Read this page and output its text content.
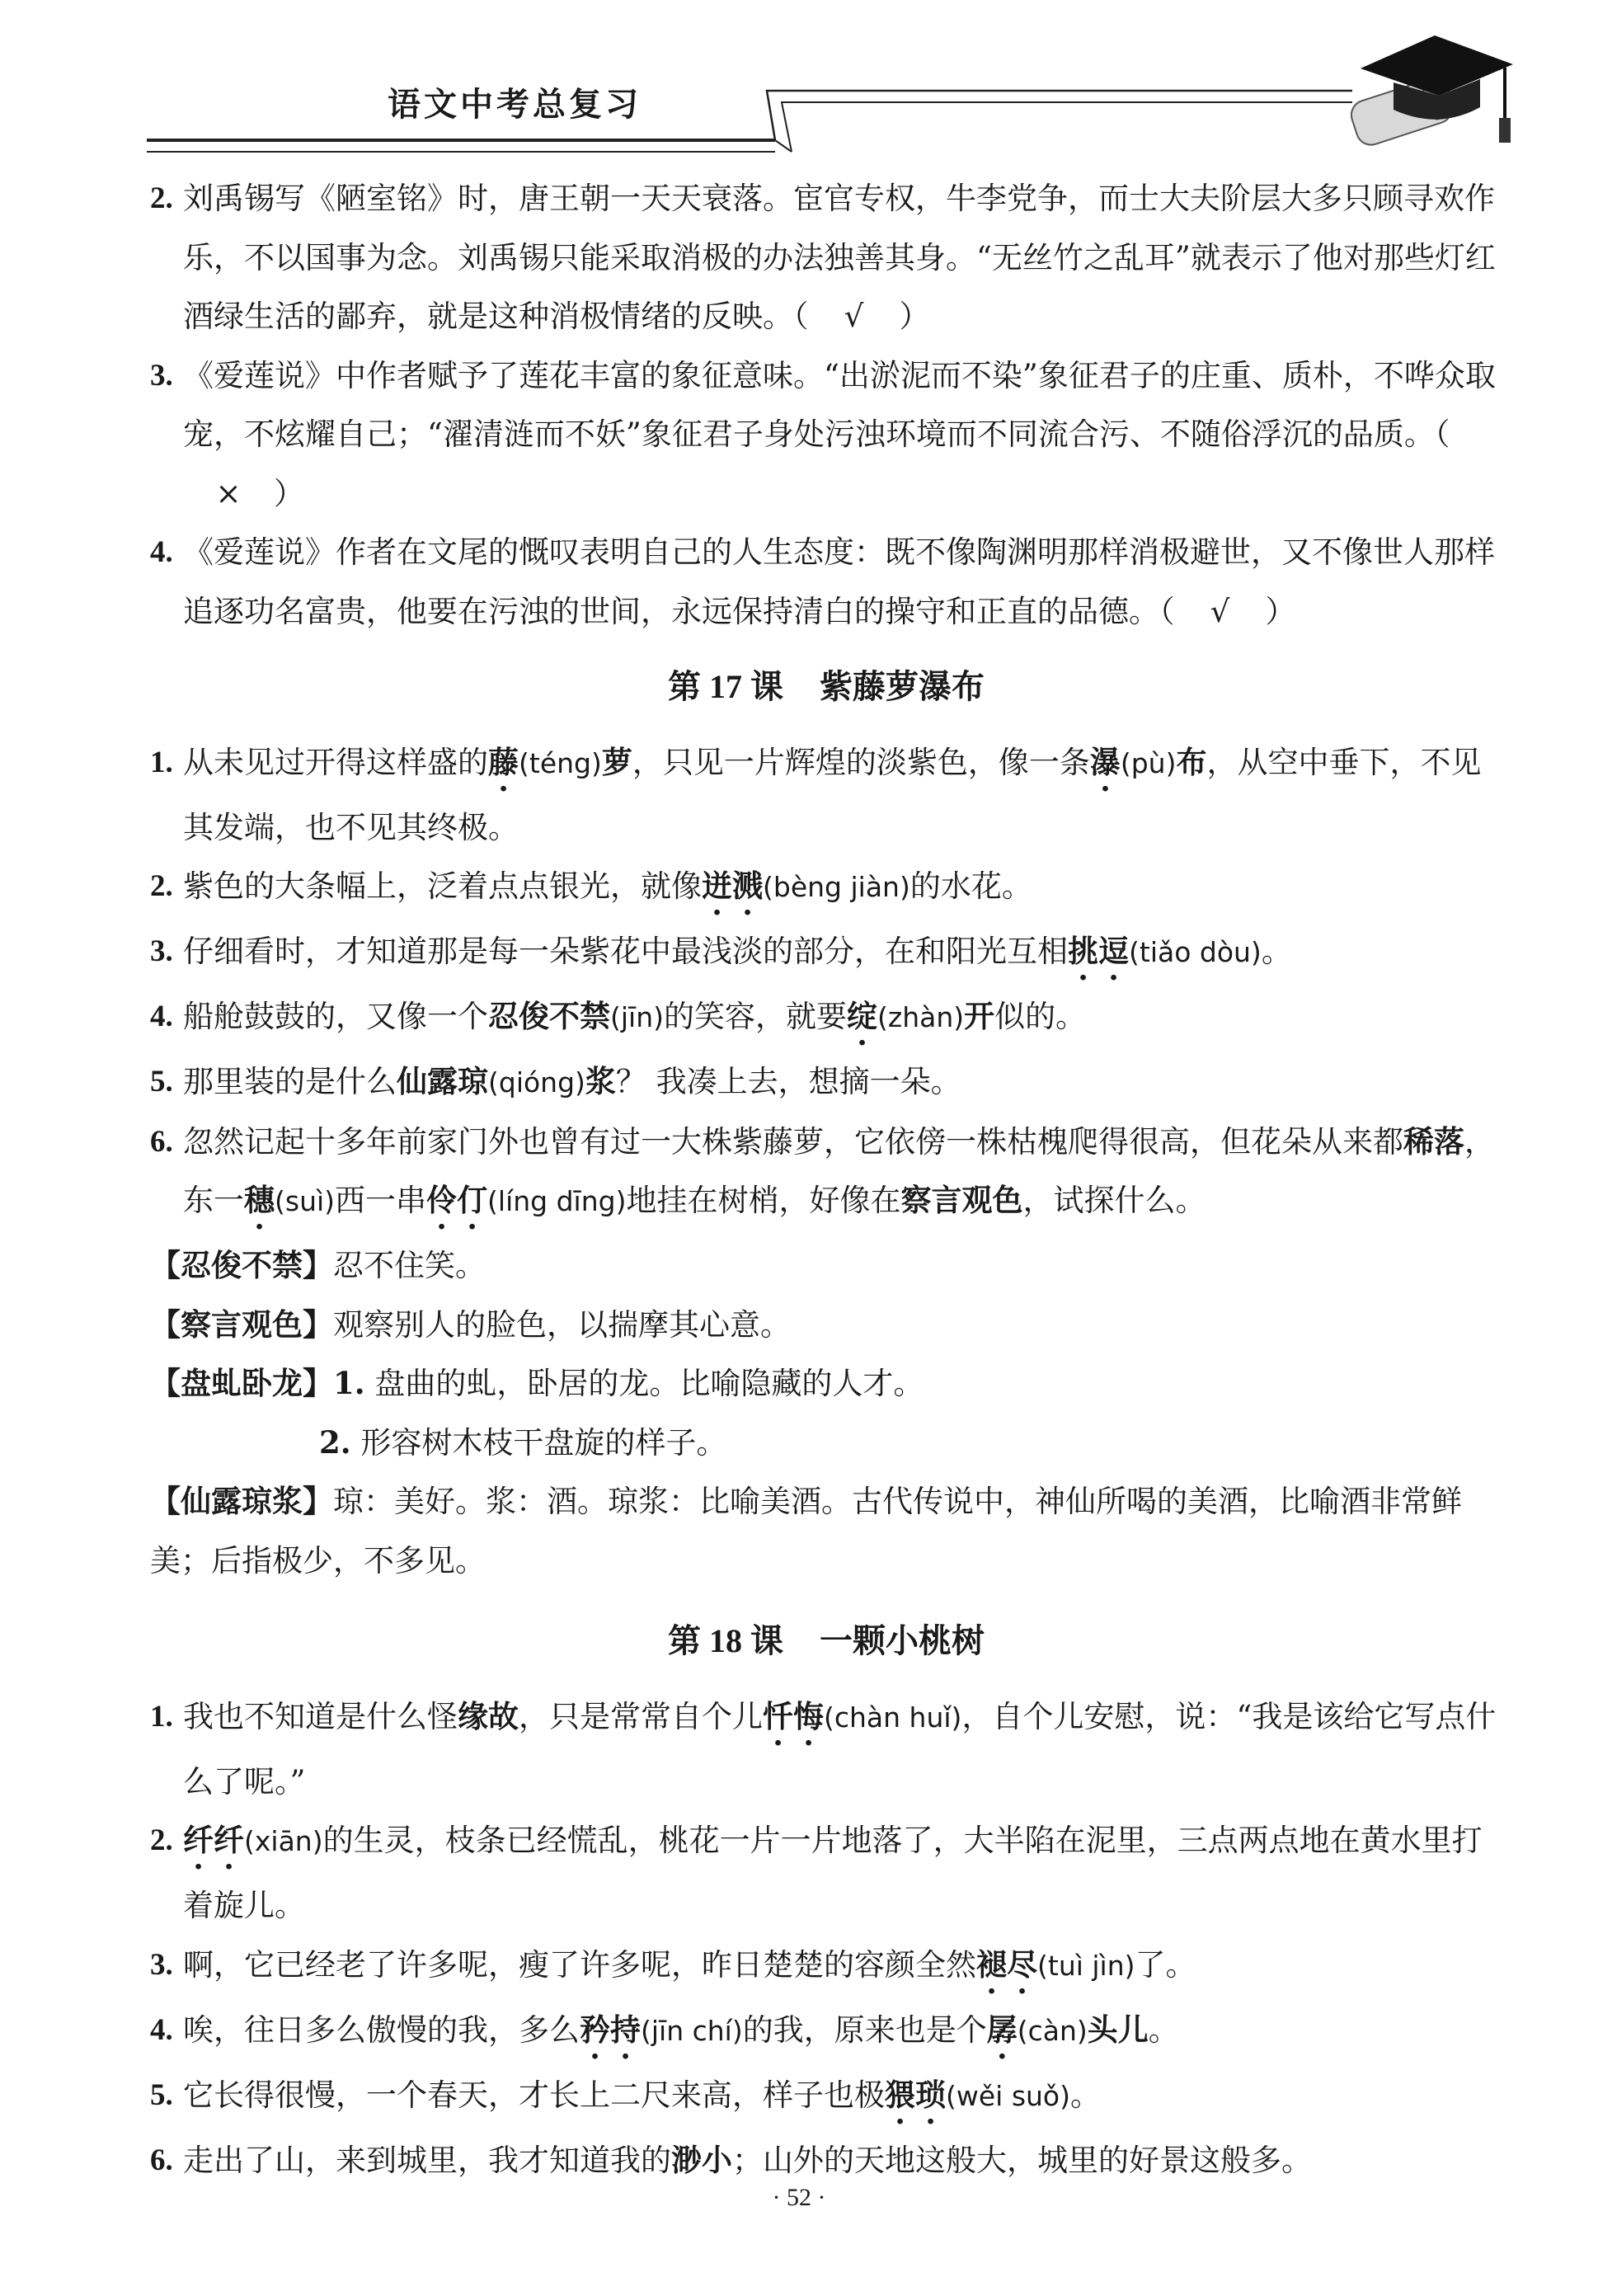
语文中考总复习
2. 刘禹锡写《陋室铭》时，唐王朝一天天衰落。宦官专权，牛李党争，而士大夫阶层大多只顾寻欢作乐，不以国事为念。刘禹锡只能采取消极的办法独善其身。“无丝竹之乱耳”就表示了他对那些灯红酒绿生活的鄙弃，就是这种消极情绪的反映。（ √ ）
3. 《爱莲说》中作者赋予了莲花丰富的象征意味。“出淤泥而不染”象征君子的庄重、质朴，不哗众取宠，不炫耀自己；“濯清涟而不妖”象征君子身处污浊环境而不同流合污、不随俗浮沉的品质。（× ）
4. 《爱莲说》作者在文尾的慨叹表明自己的人生态度：既不像陶渊明那样消极避世，又不像世人那样追逐功名富贵，他要在污浊的世间，永远保持清白的操守和正直的品德。（ √ ）
第 17 课 紫藤萝瀑布
1. 从未见过开得这样盛的藤(téng)萝，只见一片辉煌的淡紫色，像一条瀑(pù)布，从空中垂下，不见其发端，也不见其终极。
2. 紫色的大条幅上，泛着点点银光，就像迸溅(bèng jiàn)的水花。
3. 仔细看时，才知道那是每一朵紫花中最浅淡的部分，在和阳光互相挑逗(tiǎo dòu)。
4. 船舱鼓鼓的，又像一个忍俊不禁(jīn)的笑容，就要绽(zhàn)开似的。
5. 那里装的是什么仙露琼(qióng)浆？ 我凑上去，想摘一朵。
6. 忽然记起十多年前家门外也曾有过一大株紫藤萝，它依傍一株枯槐爬得很高，但花朵从来都稀落，东一穗(suì)西一串伶仃(líng dīng)地挂在树梢，好像在察言观色，试探什么。
【忍俊不禁】忍不住笑。
【察言观色】观察别人的脸色，以揣摩其心意。
【盘虬卧龙】1. 盘曲的虬，卧居的龙。比喻隐藏的人才。
2. 形容树木枝干盘旋的样子。
【仙露琼浆】琼：美好。浆：酒。琼浆：比喻美酒。古代传说中，神仙所喝的美酒，比喻酒非常鲜美；后指极少，不多见。
第 18 课 一颗小桃树
1. 我也不知道是什么怪缘故，只是常常自个儿忏悔(chàn huǐ)，自个儿安慰，说：“我是该给它写点什么了呢。”
2. 纤纤(xiān)的生灵，枝条已经慌乱，桃花一片一片地落了，大半陷在泥里，三点两点地在黄水里打着旋儿。
3. 啊，它已经老了许多呢，瘦了许多呢，昨日楚楚的容颜全然褪尽(tuì jìn)了。
4. 唉，往日多么傲慢的我，多么矜持(jīn chí)的我，原来也是个孱(càn)头儿。
5. 它长得很慢，一个春天，才长上二尺来高，样子也极猥琐(wěi suǒ)。
6. 走出了山，来到城里，我才知道我的渺小；山外的天地这般大，城里的好景这般多。
· 52 ·
